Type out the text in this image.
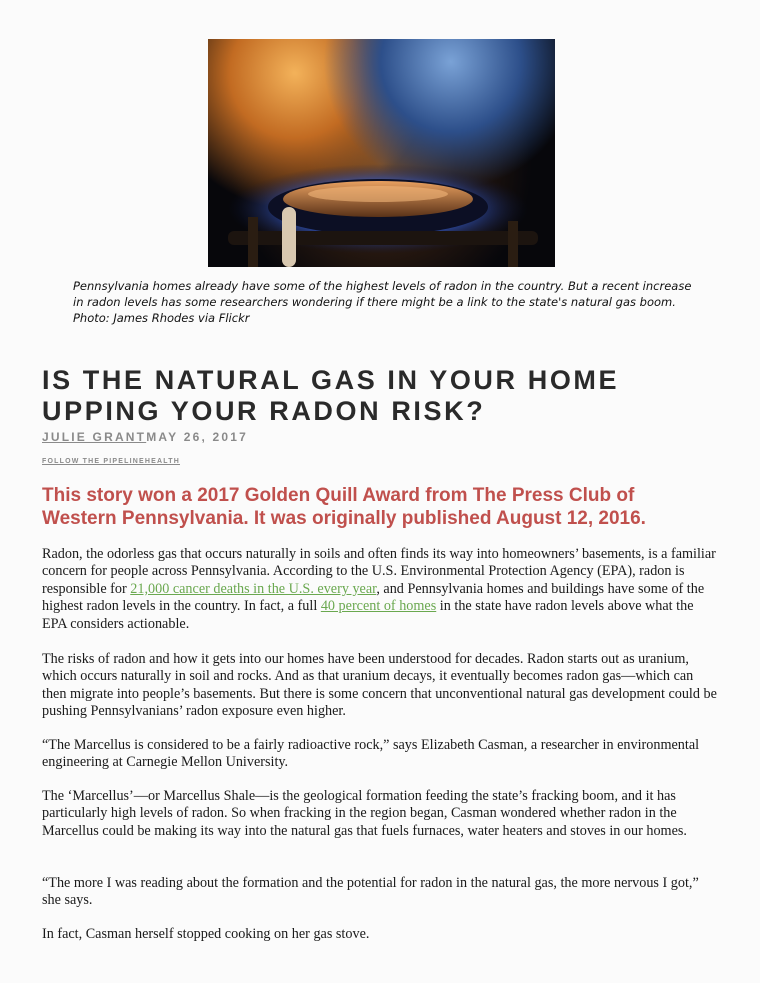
Pennsylvania homes already have some of the highest levels of radon in the country. But a recent increase in radon levels has some researchers wondering if there might be a link to the state's natural gas boom. Photo: James Rhodes via Flickr
IS THE NATURAL GAS IN YOUR HOME UPPING YOUR RADON RISK?
JULIE GRANTMAY 26, 2017
FOLLOW THE PIPELINEHEALTH

This story won a 2017 Golden Quill Award from The Press Club of Western Pennsylvania. It was originally published August 12, 2016.

Radon, the odorless gas that occurs naturally in soils and often finds its way into homeowners’ basements, is a familiar concern for people across Pennsylvania. According to the U.S. Environmental Protection Agency (EPA), radon is responsible for 21,000 cancer deaths in the U.S. every year, and Pennsylvania homes and buildings have some of the highest radon levels in the country. In fact, a full 40 percent of homes in the state have radon levels above what the EPA considers actionable.

The risks of radon and how it gets into our homes have been understood for decades. Radon starts out as uranium, which occurs naturally in soil and rocks. And as that uranium decays, it eventually becomes radon gas—which can then migrate into people’s basements. But there is some concern that unconventional natural gas development could be pushing Pennsylvanians’ radon exposure even higher.

“The Marcellus is considered to be a fairly radioactive rock,” says Elizabeth Casman, a researcher in environmental engineering at Carnegie Mellon University.

The ‘Marcellus’—or Marcellus Shale—is the geological formation feeding the state’s fracking boom, and it has particularly high levels of radon. So when fracking in the region began, Casman wondered whether radon in the Marcellus could be making its way into the natural gas that fuels furnaces, water heaters and stoves in our homes.

“The more I was reading about the formation and the potential for radon in the natural gas, the more nervous I got,” she says.

In fact, Casman herself stopped cooking on her gas stove.
